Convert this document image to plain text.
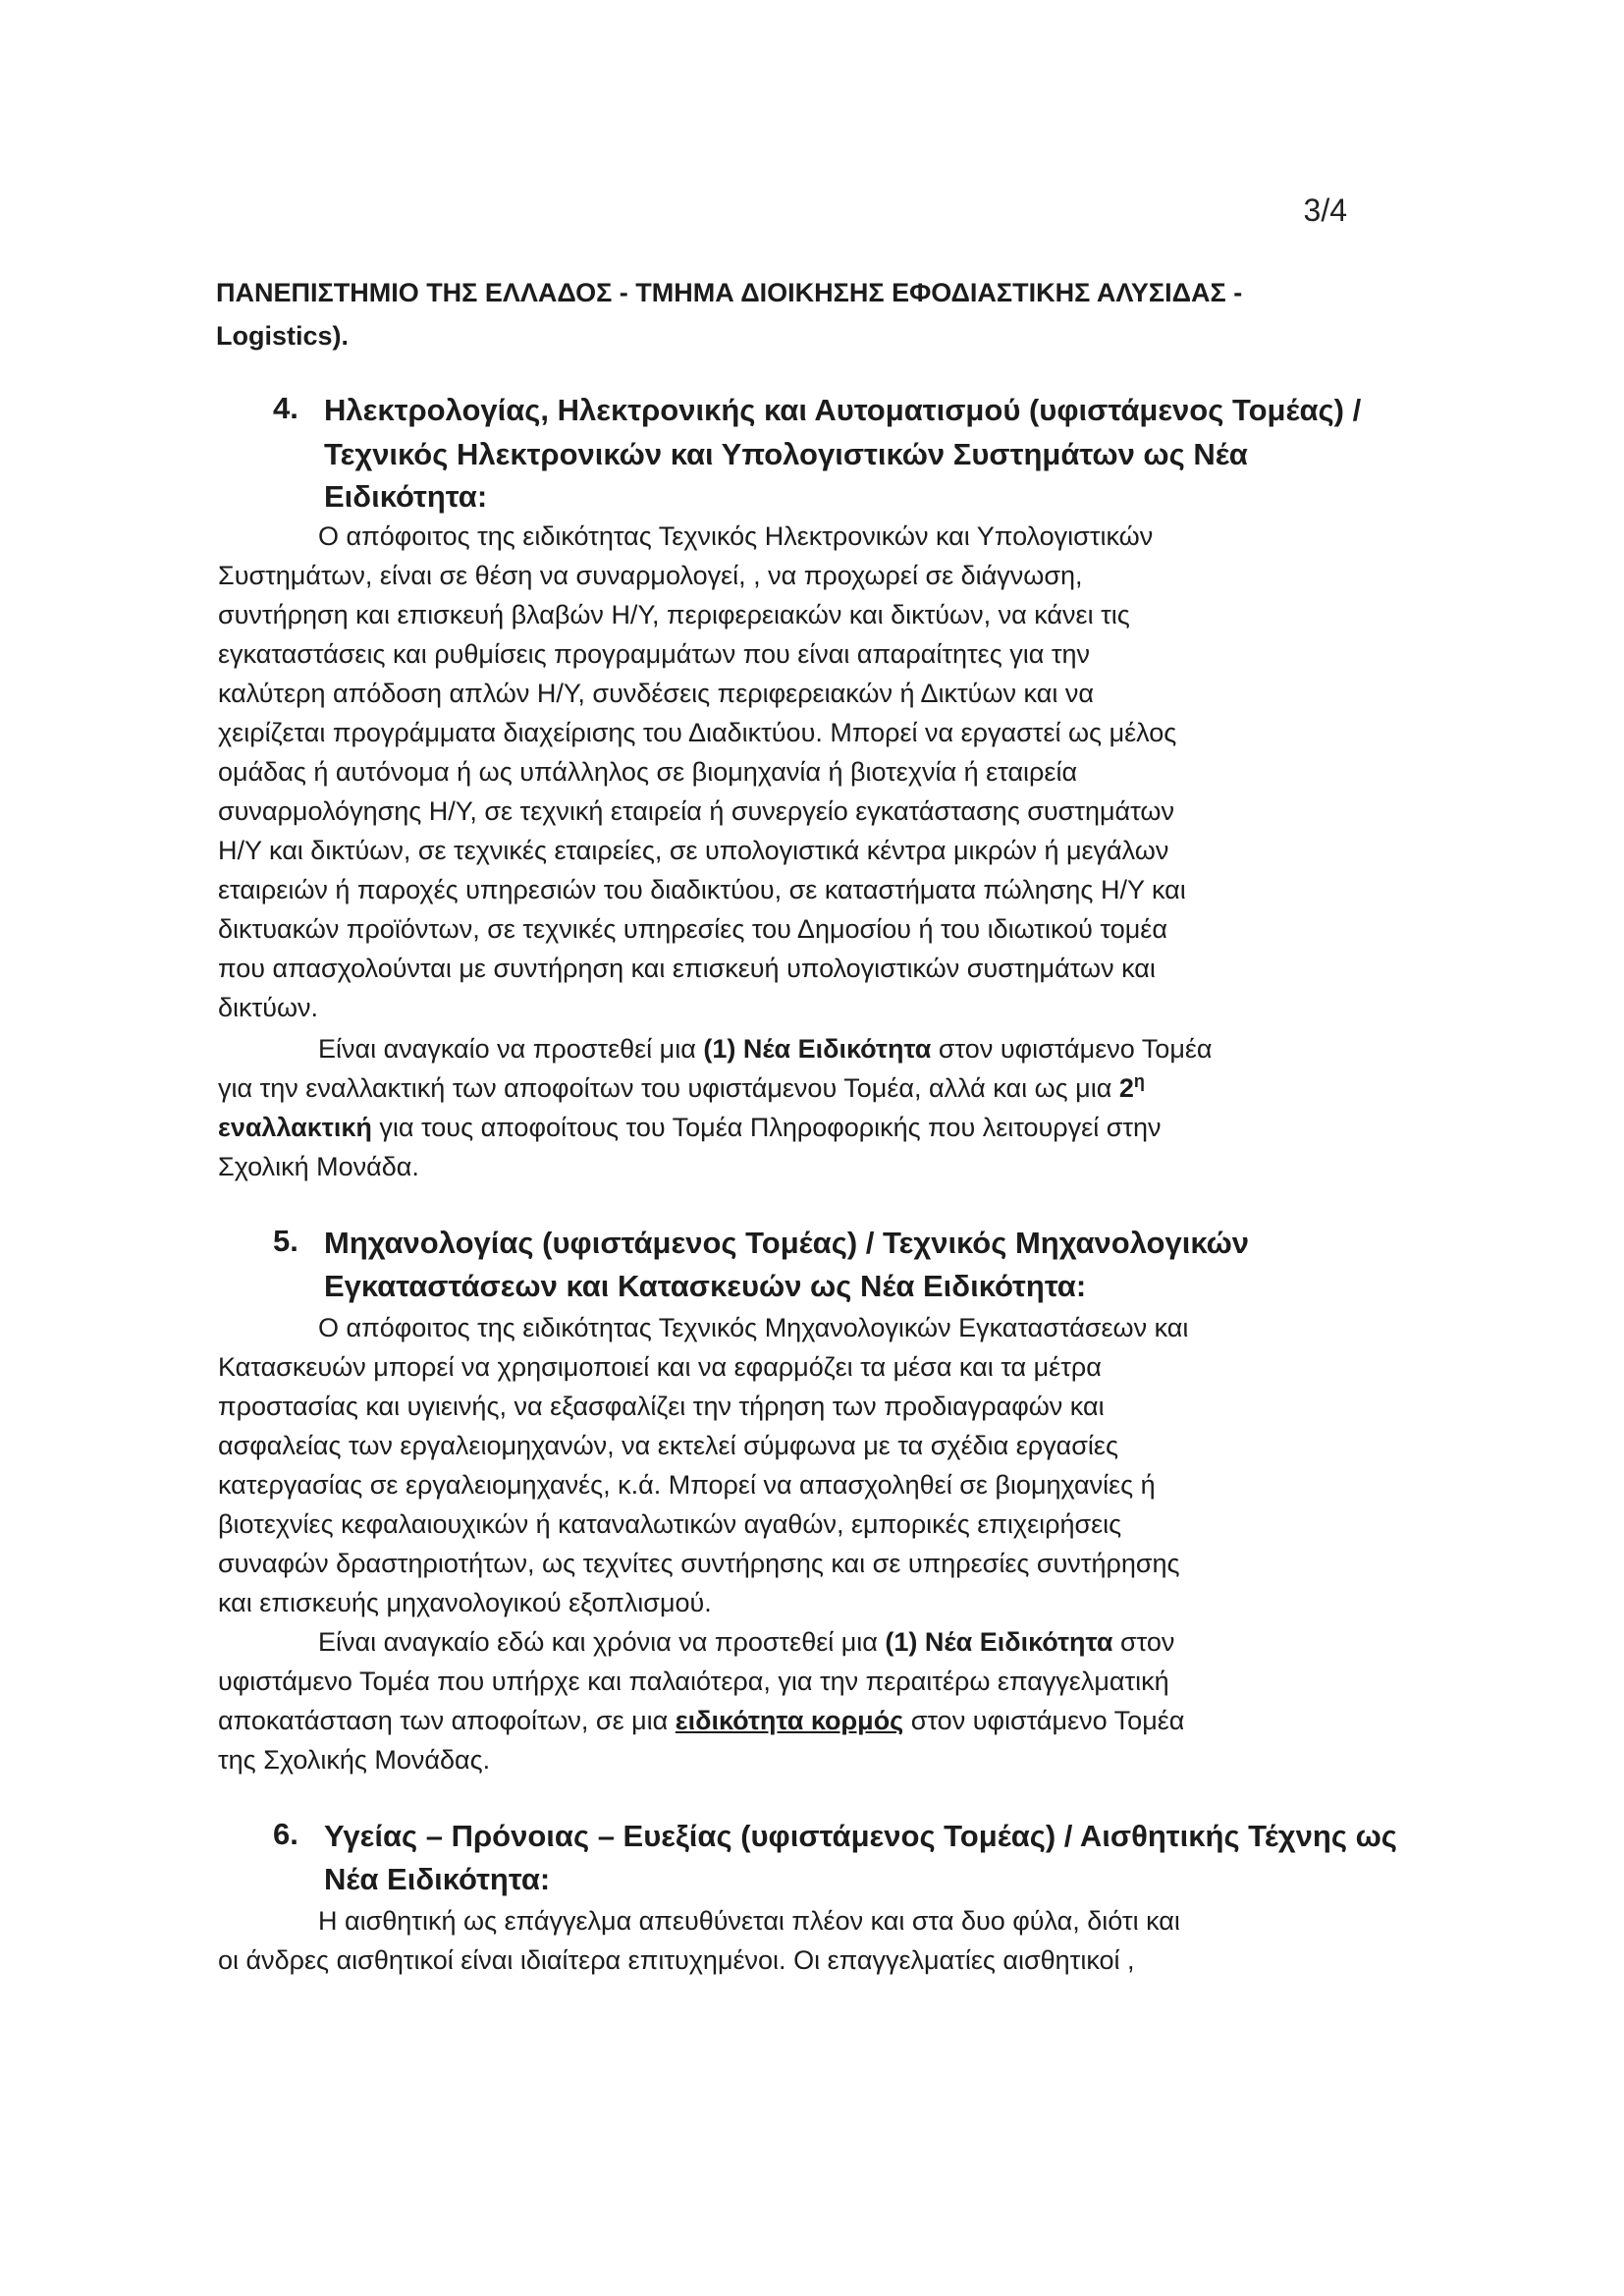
3/4
ΠΑΝΕΠΙΣΤΗΜΙΟ ΤΗΣ ΕΛΛΑΔΟΣ - ΤΜΗΜΑ ΔΙΟΙΚΗΣΗΣ ΕΦΟΔΙΑΣΤΙΚΗΣ ΑΛΥΣΙΔΑΣ -
Logistics).
4. Ηλεκτρολογίας, Ηλεκτρονικής και Αυτοματισμού (υφιστάμενος Τομέας) /
Τεχνικός Ηλεκτρονικών και Υπολογιστικών Συστημάτων ως Νέα
Ειδικότητα:
Ο απόφοιτος της ειδικότητας Τεχνικός Ηλεκτρονικών και Υπολογιστικών
Συστημάτων, είναι σε θέση να συναρμολογεί, , να προχωρεί σε διάγνωση,
συντήρηση και επισκευή βλαβών Η/Υ, περιφερειακών και δικτύων, να κάνει τις
εγκαταστάσεις και ρυθμίσεις προγραμμάτων που είναι απαραίτητες για την
καλύτερη απόδοση απλών Η/Υ, συνδέσεις περιφερειακών ή Δικτύων και να
χειρίζεται προγράμματα διαχείρισης του Διαδικτύου. Μπορεί να εργαστεί ως μέλος
ομάδας ή αυτόνομα ή ως υπάλληλος σε βιομηχανία ή βιοτεχνία ή εταιρεία
συναρμολόγησης Η/Υ, σε τεχνική εταιρεία ή συνεργείο εγκατάστασης συστημάτων
Η/Υ και δικτύων, σε τεχνικές εταιρείες, σε υπολογιστικά κέντρα μικρών ή μεγάλων
εταιρειών ή παροχές υπηρεσιών του διαδικτύου, σε καταστήματα πώλησης Η/Υ και
δικτυακών προϊόντων, σε τεχνικές υπηρεσίες του Δημοσίου ή του ιδιωτικού τομέα
που απασχολούνται με συντήρηση και επισκευή υπολογιστικών συστημάτων και
δικτύων.
Είναι αναγκαίο να προστεθεί μια (1) Νέα Ειδικότητα στον υφιστάμενο Τομέα
για την εναλλακτική των αποφοίτων του υφιστάμενου Τομέα, αλλά και ως μια $2^\eta$
εναλλακτική για τους αποφοίτους του Τομέα Πληροφορικής που λειτουργεί στην
Σχολική Μονάδα.
5. Μηχανολογίας (υφιστάμενος Τομέας) / Τεχνικός Μηχανολογικών
Εγκαταστάσεων και Κατασκευών ως Νέα Ειδικότητα:
Ο απόφοιτος της ειδικότητας Τεχνικός Μηχανολογικών Εγκαταστάσεων και
Κατασκευών μπορεί να χρησιμοποιεί και να εφαρμόζει τα μέσα και τα μέτρα
προστασίας και υγιεινής, να εξασφαλίζει την τήρηση των προδιαγραφών και
ασφαλείας των εργαλειομηχανών, να εκτελεί σύμφωνα με τα σχέδια εργασίες
κατεργασίας σε εργαλειομηχανές, κ.ά. Μπορεί να απασχοληθεί σε βιομηχανίες ή
βιοτεχνίες κεφαλαιουχικών ή καταναλωτικών αγαθών, εμπορικές επιχειρήσεις
συναφών δραστηριοτήτων, ως τεχνίτες συντήρησης και σε υπηρεσίες συντήρησης
και επισκευής μηχανολογικού εξοπλισμού.
Είναι αναγκαίο εδώ και χρόνια να προστεθεί μια (1) Νέα Ειδικότητα στον
υφιστάμενο Τομέα που υπήρχε και παλαιότερα, για την περαιτέρω επαγγελματική
αποκατάσταση των αποφοίτων, σε μια ειδικότητα κορμός στον υφιστάμενο Τομέα
της Σχολικής Μονάδας.
6. Υγείας – Πρόνοιας – Ευεξίας (υφιστάμενος Τομέας) / Αισθητικής Τέχνης ως
Νέα Ειδικότητα:
Η αισθητική ως επάγγελμα απευθύνεται πλέον και στα δυο φύλα, διότι και
οι άνδρες αισθητικοί είναι ιδιαίτερα επιτυχημένοι. Οι επαγγελματίες αισθητικοί ,
